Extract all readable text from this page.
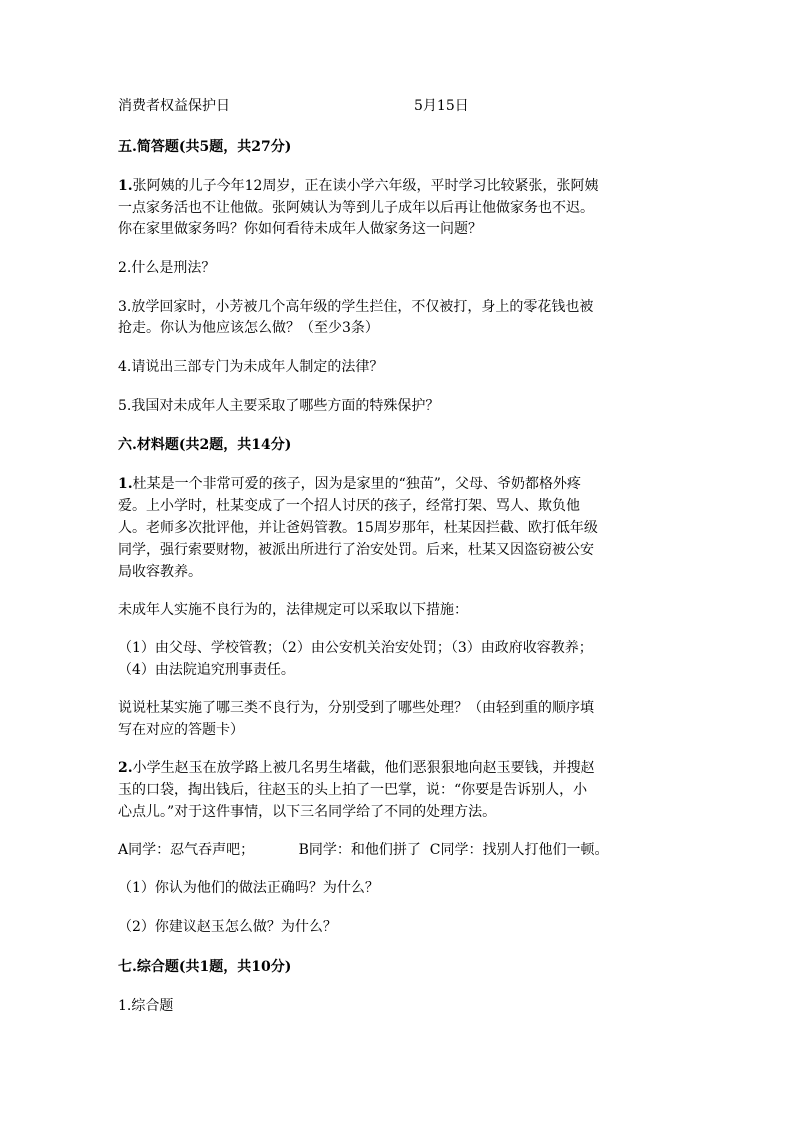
消费者权益保护日	5月15日
五.简答题(共5题，共27分)
1.张阿姨的儿子今年12周岁，正在读小学六年级，平时学习比较紧张，张阿姨
一点家务活也不让他做。张阿姨认为等到儿子成年以后再让他做家务也不迟。
你在家里做家务吗？你如何看待未成年人做家务这一问题？
2.什么是刑法？
3.放学回家时，小芳被几个高年级的学生拦住，不仅被打，身上的零花钱也被
抢走。你认为他应该怎么做？（至少3条）
4.请说出三部专门为未成年人制定的法律？
5.我国对未成年人主要采取了哪些方面的特殊保护？
六.材料题(共2题，共14分)
1.杜某是一个非常可爱的孩子，因为是家里的“独苗”，父母、爷奶都格外疼
爱。上小学时，杜某变成了一个招人讨厌的孩子，经常打架、骂人、欺负他
人。老师多次批评他，并让爸妈管教。15周岁那年，杜某因拦截、欧打低年级
同学，强行索要财物，被派出所进行了治安处罚。后来，杜某又因盗窃被公安
局收容教养。
未成年人实施不良行为的，法律规定可以采取以下措施：
（1）由父母、学校管教；（2）由公安机关治安处罚；（3）由政府收容教养；
（4）由法院追究刑事责任。
说说杜某实施了哪三类不良行为，分别受到了哪些处理？（由轻到重的顺序填
写在对应的答题卡）
2.小学生赵玉在放学路上被几名男生堵截，他们恶狠狠地向赵玉要钱，并搜赵
玉的口袋，掏出钱后，往赵玉的头上拍了一巴掌，说：“你要是告诉别人，小
心点儿。”对于这件事情，以下三名同学给了不同的处理方法。
A同学：忍气吞声吧；          B同学：和他们拼了  C同学：找别人打他们一顿。
（1）你认为他们的做法正确吗？为什么？
（2）你建议赵玉怎么做？为什么？
七.综合题(共1题，共10分)
1.综合题
